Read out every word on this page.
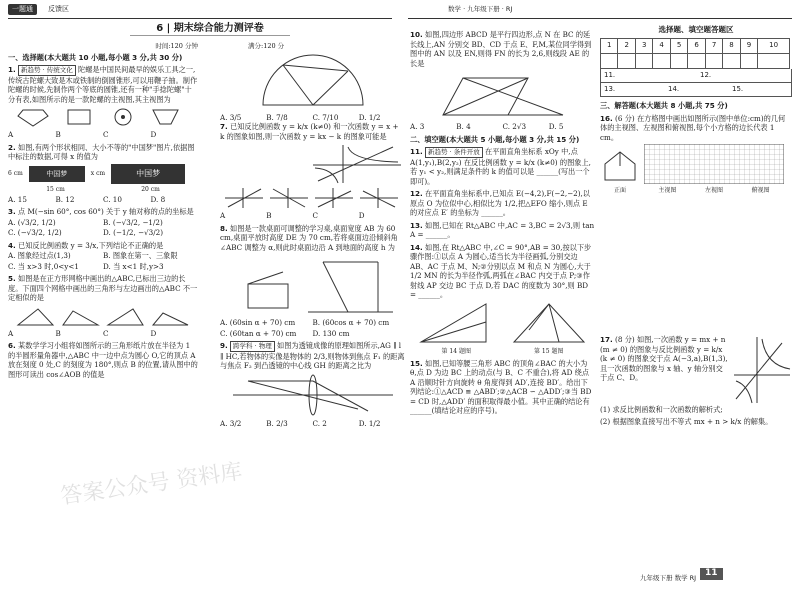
一题通	反馈区	数学 · 九年级下册 · RJ
6 | 期末综合能力测评卷
时间:120 分钟
一、选择题(本大题共 10 小题,每小题 3 分,共 30 分)
1. 新趋势 · 传统文化 陀螺是中国民间最早的娱乐工具之一,传统古陀螺大致是木或铁制的倒圆锥形,可以用鞭子抽。制作陀螺的时候,先制作两个等底的圆锥,还有一种"手捻陀螺"十分有表,如图所示的是一款陀螺的主视图,其主视图为
A	B	C	D
2. 如图,有两个形状相同、大小不等的"中国梦"图片,依据图中标注的数据,可得 x 的值为
6 cm	中国梦	x cm	中国梦
15 cm	20 cm
A. 15	B. 12	C. 10	D. 8
3. 点 M(−sin 60°, cos 60°) 关于 y 轴对称的点的坐标是
A. (√3/2, 1/2)	B. (−√3/2, −1/2)
C. (−√3/2, 1/2)	D. (−1/2, −√3/2)
4. 已知反比例函数 y = 3/x,下列结论不正确的是
A. 图象经过点(1,3)	B. 图象在第一、三象限
C. 当 x>3 时,0<y<1	D. 当 x<1 时,y>3
5. 如图是在正方形网格中画出的△ABC,已标出三边的长度。下面四个网格中画出的三角形与左边画出的△ABC 不一定相似的是
A	B	C	D
6. 某数学学习小组将如图所示的三角形纸片放在半径为 1 的半圆形量角器中,△ABC 中一边中点为圆心 O,它的顶点 A 放在刻度 0 处,C 的刻度为 180°,则点 B 的位置,请从图中的图形可读出 cos∠AOB 的值是
满分:120 分
A. 3/5	B. 7/8	C. 7/10	D. 1/2
7. 已知反比例函数 y = k/x (k≠0) 和一次函数 y = x + k 的图象如图,则一次函数 y = kx − k 的图象可能是
A	B	C	D
8. 如图是一款桌面可调整的学习桌,桌面宽度 AB 为 60 cm,桌面平放时高度 DE 为 70 cm,若将桌面边沿倾斜角∠ABC 调整为 α,则此时桌面边沿 A 到地面的高度 h 为
A. (60sin α + 70) cm	B. (60cos α + 70) cm
C. (60tan α + 70) cm	D. 130 cm
9. 跨学科 · 物理 如图为透镜成像的原理如图所示,AG ∥ l ∥ HC,若物体的实像是物体的 2/3,则物体到焦点 F₁ 的距离与焦点 F₂ 到凸透镜的中心线 GH 的距离之比为
A. 3/2	B. 2/3	C. 2	D. 1/2
10. 如图,四边形 ABCD 是平行四边形,点 N 在 BC 的延长线上,AN 分别交 BD、CD 于点 E、F,M,某位同学得到图中的 AN 以及 EN,则得 FN 的长为 2,6,则线段 AE 的长是
A. 3	B. 4	C. 2√3	D. 5
二、填空题(本大题共 5 小题,每小题 3 分,共 15 分)
11. 新趋势 · 条件开放 在平面直角坐标系 xOy 中,点 A(1,y₁),B(2,y₂) 在反比例函数 y = k/x (k≠0) 的图象上,若 y₁ < y₂,则满足条件的 k 的值可以是 ______(写出一个即可)。
12. 在平面直角坐标系中,已知点 E(−4,2),F(−2,−2),以原点 O 为位似中心,相似比为 1/2,把△EFO 缩小,则点 E 的对应点 E′ 的坐标为 ______。
13. 如图,已知在 Rt△ABC 中,AC = 3,BC = 2√3,则 tan A = ______。
14. 如图,在 Rt△ABC 中,∠C = 90°,AB = 30,按以下步骤作图:①以点 A 为圆心,适当长为半径画弧,分别交边 AB、AC 于点 M、N;②分别以点 M 和点 N 为圆心,大于 1/2 MN 的长为半径作弧,两弧在∠BAC 内交于点 P;③作射线 AP 交边 BC 于点 D,若 DAC 的度数为 30°,则 BD = ______。
第 14 题图	第 15 题图
15. 如图,已知等腰三角形 ABC 的顶角∠BAC 的大小为 θ,点 D 为边 BC 上的动点(与 B、C 不重合),将 AD 绕点 A 沿顺时针方向旋转 θ 角度得到 AD′,连接 BD′。给出下列结论:①△ACD ≌ △ABD′;②△ACB ∽ △ADD′;③当 BD = CD 时,△ADD′ 的面积取得最小值。其中正确的结论有 ______(填结论对应的序号)。
选择题、填空题答题区
1	2	3	4	5	6	7	8	9	10

11.	12.
13.	14.	15.
三、解答题(本大题共 8 小题,共 75 分)
16. (6 分) 在方格图中画出如图所示(图中单位:cm)的几何体的主视图、左视图和俯视图,每个小方格的边长代表 1 cm。
正面	主视图	左视图	俯视图
17. (8 分) 如图,一次函数 y = mx + n (m ≠ 0) 的图象与反比例函数 y = k/x (k ≠ 0) 的图象交于点 A(−3,a),B(1,3),且一次函数的图象与 x 轴、y 轴分别交于点 C、D。

(1) 求反比例函数和一次函数的解析式;

(2) 根据图象直接写出不等式 mx + n > k/x 的解集。

答案公众号 资料库
九年级下册 数学 RJ 11
